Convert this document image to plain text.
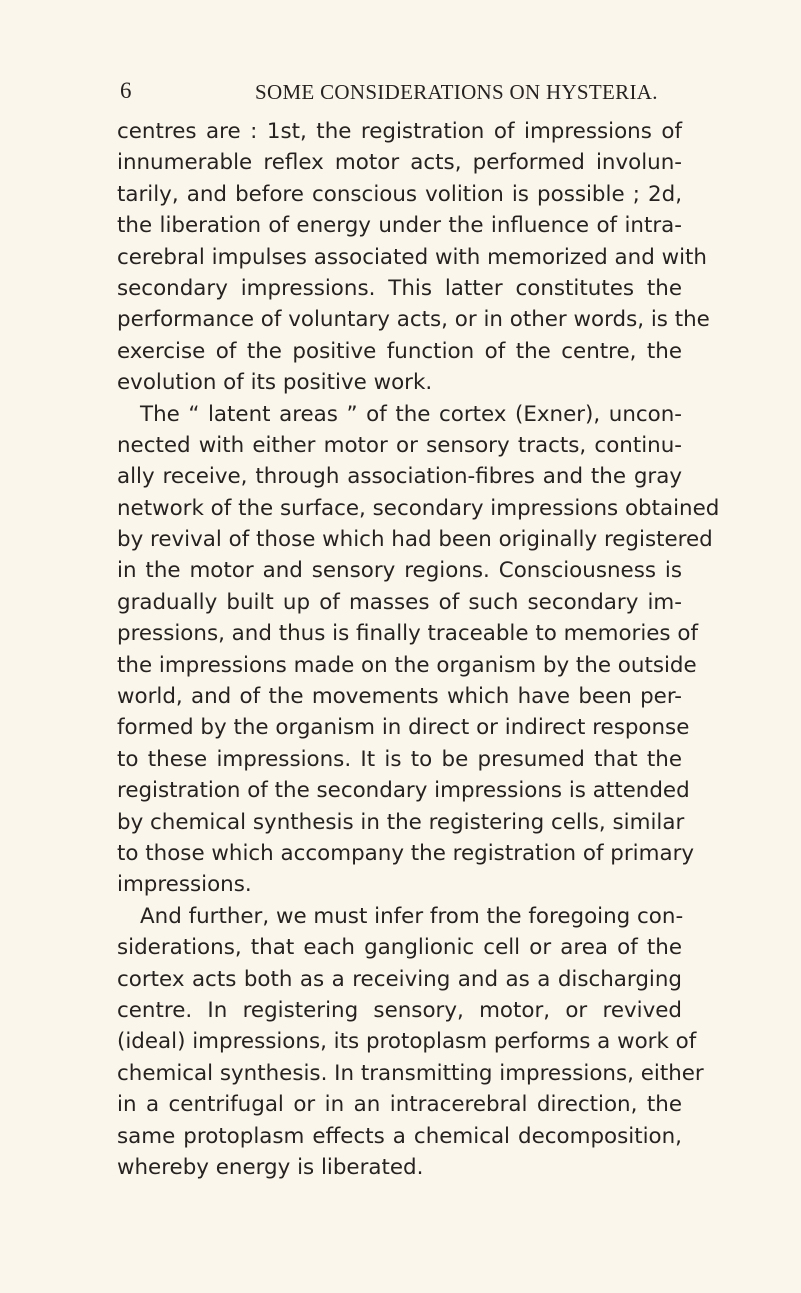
6	SOME CONSIDERATIONS ON HYSTERIA.
centres are : 1st, the registration of impressions of
innumerable reflex motor acts, performed involun-
tarily, and before conscious volition is possible ; 2d,
the liberation of energy under the influence of intra-
cerebral impulses associated with memorized and with
secondary impressions. This latter constitutes the
performance of voluntary acts, or in other words, is the
exercise of the positive function of the centre, the
evolution of its positive work.
The “ latent areas ” of the cortex (Exner), uncon-
nected with either motor or sensory tracts, continu-
ally receive, through association-fibres and the gray
network of the surface, secondary impressions obtained
by revival of those which had been originally registered
in the motor and sensory regions. Consciousness is
gradually built up of masses of such secondary im-
pressions, and thus is finally traceable to memories of
the impressions made on the organism by the outside
world, and of the movements which have been per-
formed by the organism in direct or indirect response
to these impressions. It is to be presumed that the
registration of the secondary impressions is attended
by chemical synthesis in the registering cells, similar
to those which accompany the registration of primary
impressions.
And further, we must infer from the foregoing con-
siderations, that each ganglionic cell or area of the
cortex acts both as a receiving and as a discharging
centre. In registering sensory, motor, or revived
(ideal) impressions, its protoplasm performs a work of
chemical synthesis. In transmitting impressions, either
in a centrifugal or in an intracerebral direction, the
same protoplasm effects a chemical decomposition,
whereby energy is liberated.
